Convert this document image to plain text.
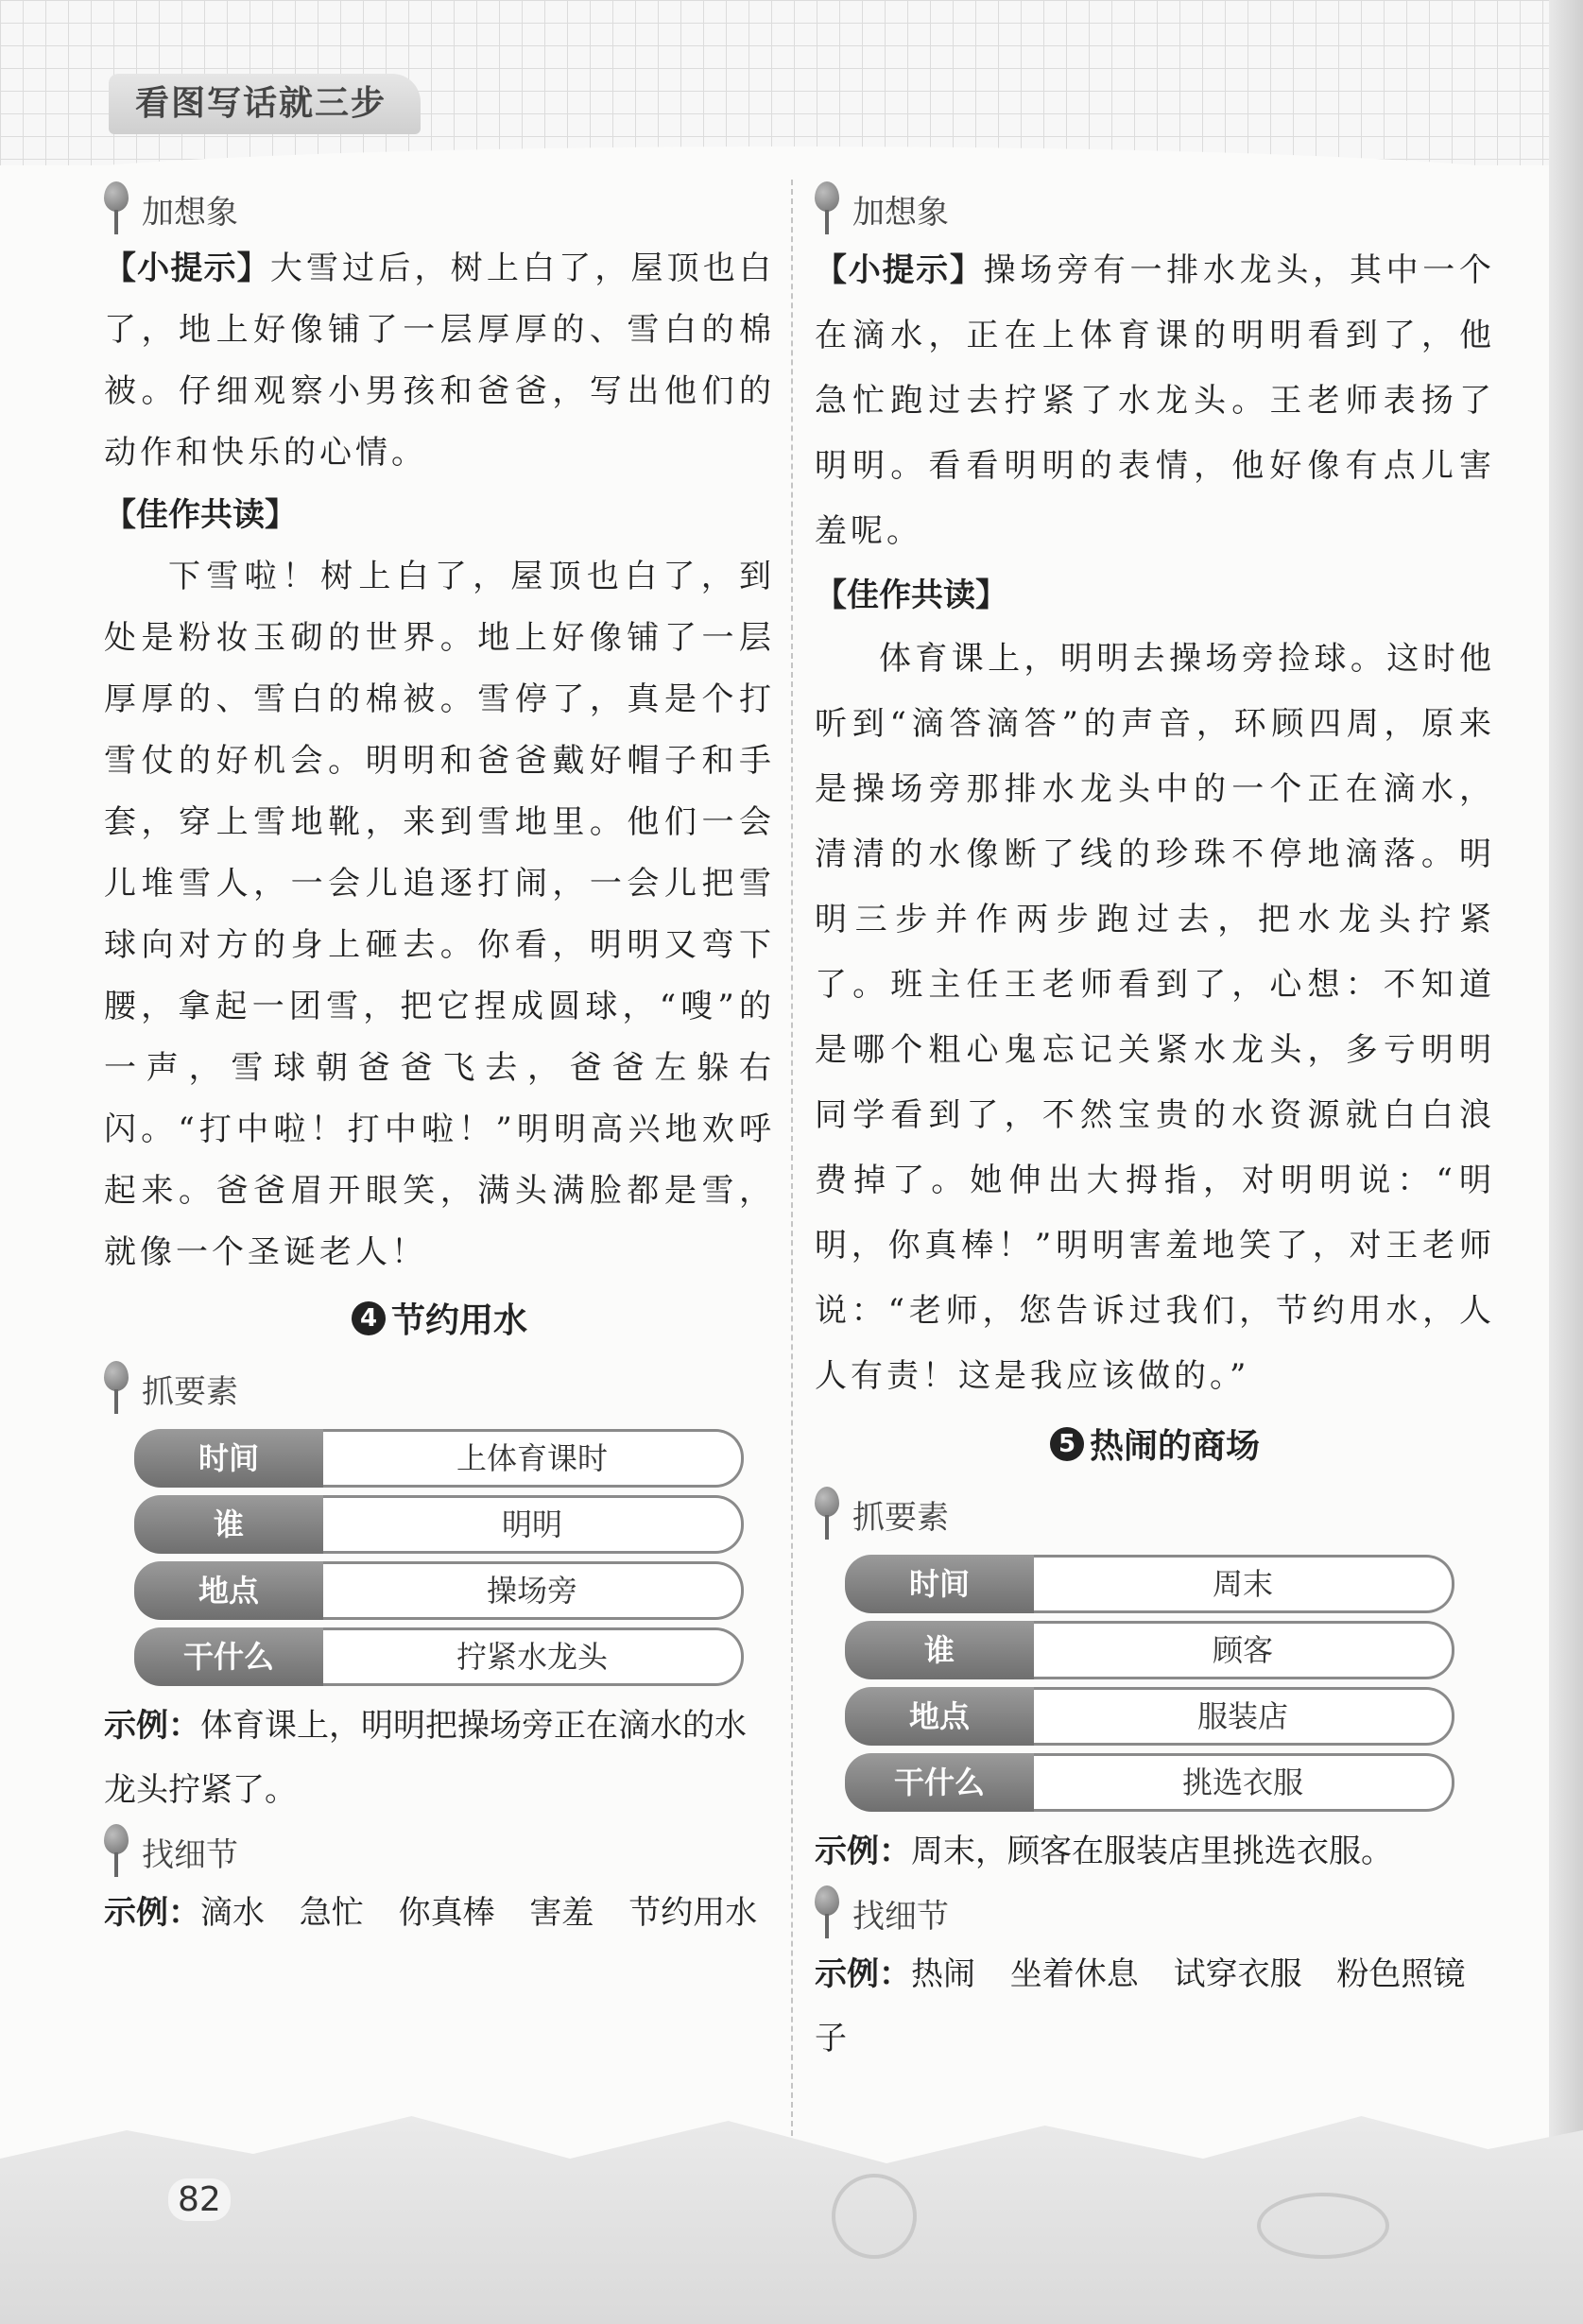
看图写话就三步
加想象
【小提示】大雪过后，树上白了，屋顶也白了，地上好像铺了一层厚厚的、雪白的棉被。仔细观察小男孩和爸爸，写出他们的动作和快乐的心情。
【佳作共读】
下雪啦！树上白了，屋顶也白了，到处是粉妆玉砌的世界。地上好像铺了一层厚厚的、雪白的棉被。雪停了，真是个打雪仗的好机会。明明和爸爸戴好帽子和手套，穿上雪地靴，来到雪地里。他们一会儿堆雪人，一会儿追逐打闹，一会儿把雪球向对方的身上砸去。你看，明明又弯下腰，拿起一团雪，把它捏成圆球，“嗖”的一声，雪球朝爸爸飞去，爸爸左躲右闪。“打中啦！打中啦！”明明高兴地欢呼起来。爸爸眉开眼笑，满头满脸都是雪，就像一个圣诞老人！
4 节约用水
抓要素
时间	上体育课时
谁	明明
地点	操场旁
干什么	拧紧水龙头
示例：体育课上，明明把操场旁正在滴水的水龙头拧紧了。
找细节
示例：滴水 急忙 你真棒 害羞 节约用水
加想象
【小提示】操场旁有一排水龙头，其中一个在滴水，正在上体育课的明明看到了，他急忙跑过去拧紧了水龙头。王老师表扬了明明。看看明明的表情，他好像有点儿害羞呢。
【佳作共读】
体育课上，明明去操场旁捡球。这时他听到“滴答滴答”的声音，环顾四周，原来是操场旁那排水龙头中的一个正在滴水，清清的水像断了线的珍珠不停地滴落。明明三步并作两步跑过去，把水龙头拧紧了。班主任王老师看到了，心想：不知道是哪个粗心鬼忘记关紧水龙头，多亏明明同学看到了，不然宝贵的水资源就白白浪费掉了。她伸出大拇指，对明明说：“明明，你真棒！”明明害羞地笑了，对王老师说：“老师，您告诉过我们，节约用水，人人有责！这是我应该做的。”
5 热闹的商场
抓要素
时间	周末
谁	顾客
地点	服装店
干什么	挑选衣服
示例：周末，顾客在服装店里挑选衣服。
找细节
示例：热闹 坐着休息 试穿衣服 粉色照镜子
82
